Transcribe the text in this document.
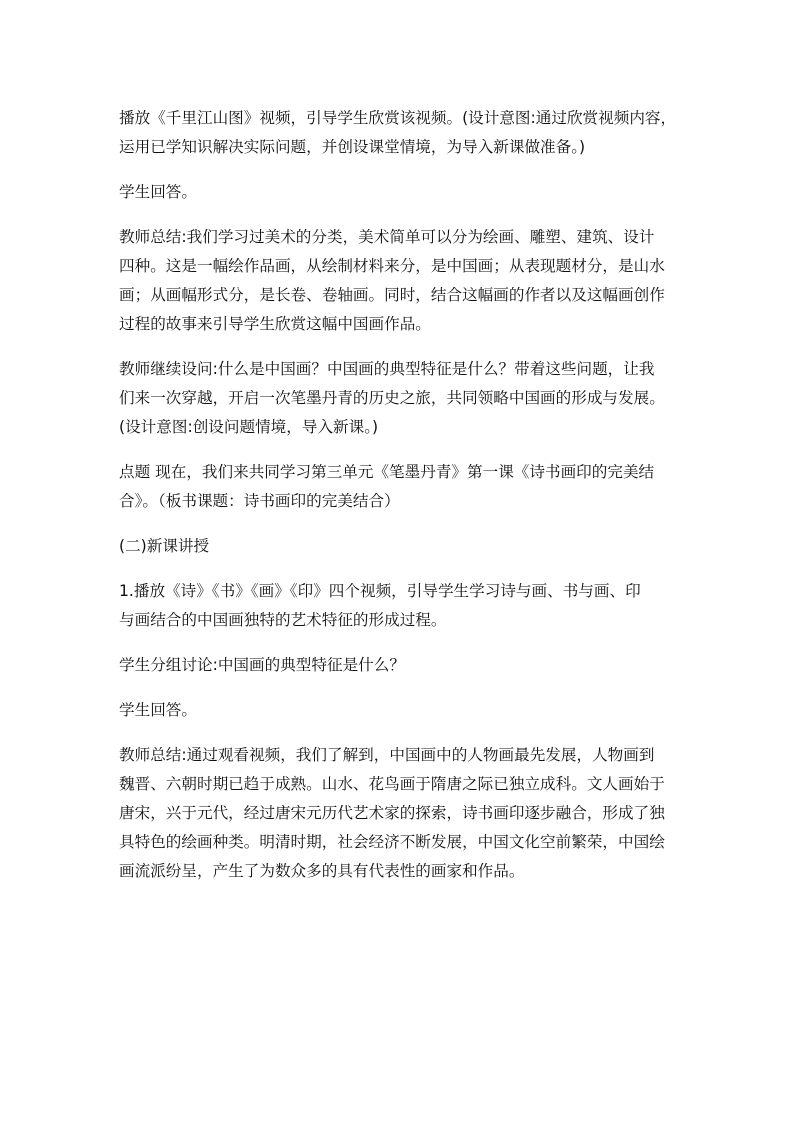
播放《千里江山图》视频，引导学生欣赏该视频。(设计意图:通过欣赏视频内容，
运用已学知识解决实际问题，并创设课堂情境，为导入新课做准备。)

学生回答。

教师总结:我们学习过美术的分类，美术简单可以分为绘画、雕塑、建筑、设计
四种。这是一幅绘作品画，从绘制材料来分，是中国画；从表现题材分，是山水
画；从画幅形式分，是长卷、卷轴画。同时，结合这幅画的作者以及这幅画创作
过程的故事来引导学生欣赏这幅中国画作品。

教师继续设问:什么是中国画？中国画的典型特征是什么？带着这些问题，让我
们来一次穿越，开启一次笔墨丹青的历史之旅，共同领略中国画的形成与发展。
(设计意图:创设问题情境，导入新课。)

点题 现在，我们来共同学习第三单元《笔墨丹青》第一课《诗书画印的完美结
合》。（板书课题：诗书画印的完美结合）

(二)新课讲授

1.播放《诗》《书》《画》《印》四个视频，引导学生学习诗与画、书与画、印
与画结合的中国画独特的艺术特征的形成过程。

学生分组讨论:中国画的典型特征是什么？

学生回答。

教师总结:通过观看视频，我们了解到，中国画中的人物画最先发展，人物画到
魏晋、六朝时期已趋于成熟。山水、花鸟画于隋唐之际已独立成科。文人画始于
唐宋，兴于元代，经过唐宋元历代艺术家的探索，诗书画印逐步融合，形成了独
具特色的绘画种类。明清时期，社会经济不断发展，中国文化空前繁荣，中国绘
画流派纷呈，产生了为数众多的具有代表性的画家和作品。
